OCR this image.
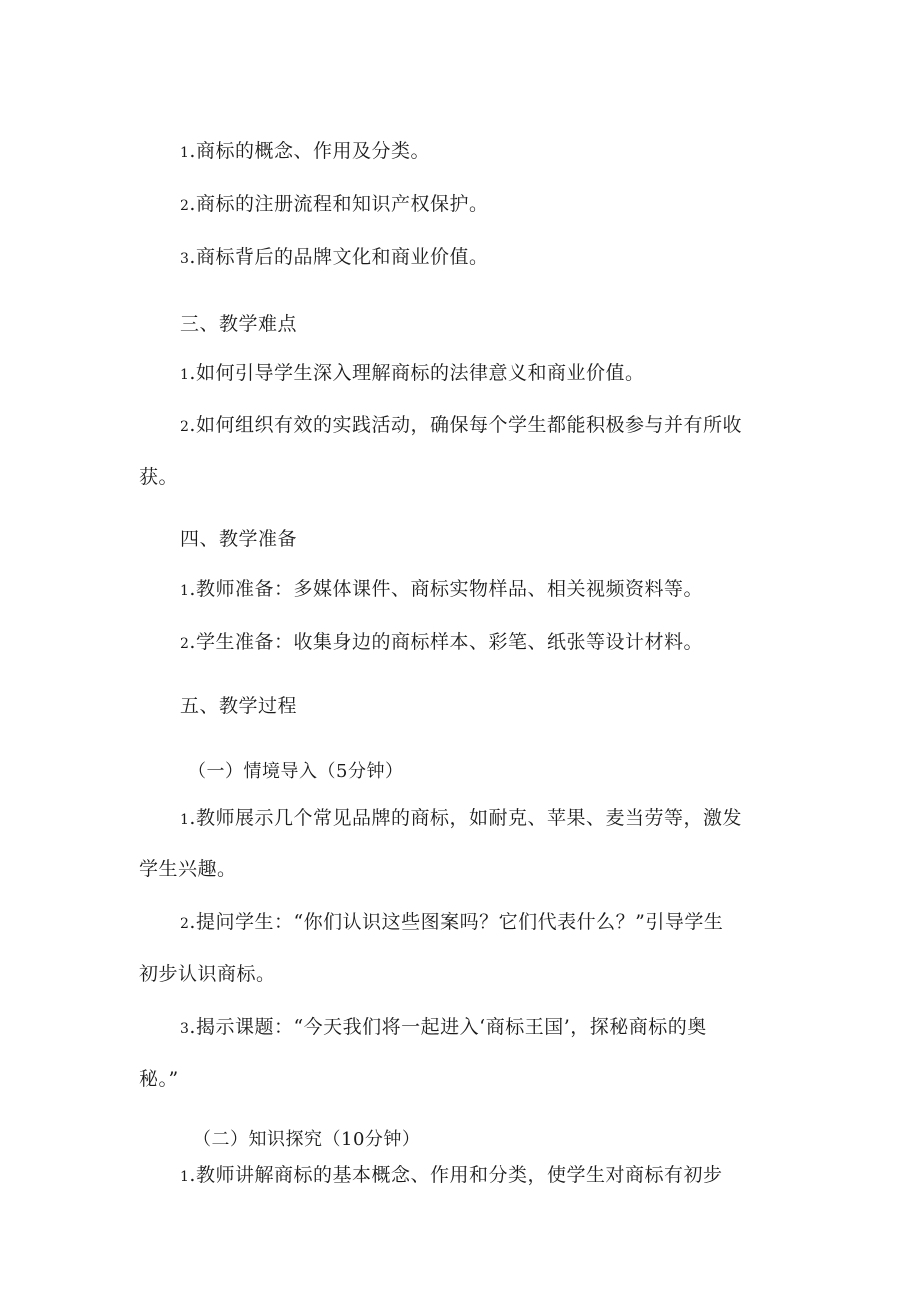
1.商标的概念、作用及分类。
2.商标的注册流程和知识产权保护。
3.商标背后的品牌文化和商业价值。
三、教学难点
1.如何引导学生深入理解商标的法律意义和商业价值。
2.如何组织有效的实践活动，确保每个学生都能积极参与并有所收
获。
四、教学准备
1.教师准备：多媒体课件、商标实物样品、相关视频资料等。
2.学生准备：收集身边的商标样本、彩笔、纸张等设计材料。
五、教学过程
（一）情境导入（5分钟）
1.教师展示几个常见品牌的商标，如耐克、苹果、麦当劳等，激发
学生兴趣。
2.提问学生：“你们认识这些图案吗？它们代表什么？”引导学生
初步认识商标。
3.揭示课题：“今天我们将一起进入‘商标王国’，探秘商标的奥
秘。”
（二）知识探究（10分钟）
1.教师讲解商标的基本概念、作用和分类，使学生对商标有初步
